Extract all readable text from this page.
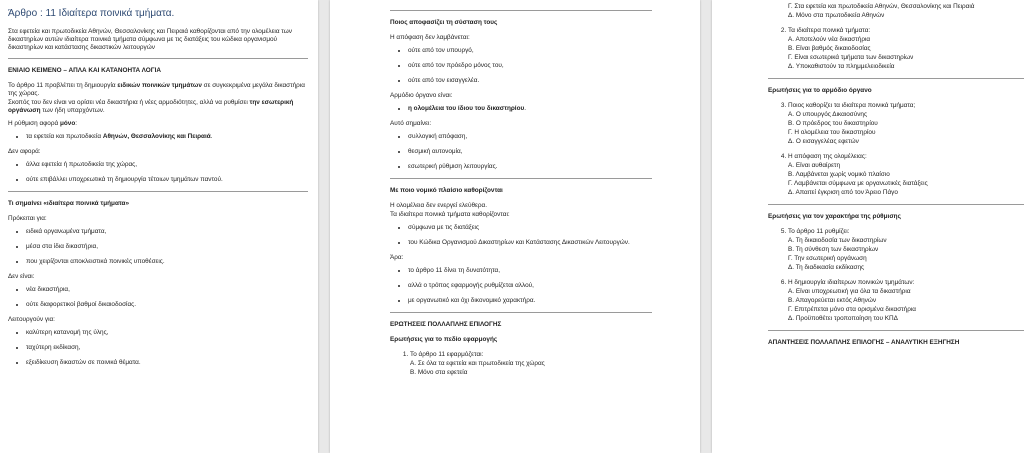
Άρθρο : 11 Ιδιαίτερα ποινικά τμήματα.

Στα εφετεία και πρωτοδικεία Αθηνών, Θεσσαλονίκης και Πειραιά καθορίζονται από την ολομέλεια των δικαστηρίων αυτών ιδιαίτερα ποινικά τμήματα σύμφωνα με τις διατάξεις του κώδικα οργανισμού δικαστηρίων και κατάστασης δικαστικών λειτουργών

ΕΝΙΑΙΟ ΚΕΙΜΕΝΟ – ΑΠΛΑ ΚΑΙ ΚΑΤΑΝΟΗΤΑ ΛΟΓΙΑ

Το άρθρο 11 προβλέπει τη δημιουργία ειδικών ποινικών τμημάτων σε συγκεκριμένα μεγάλα δικαστήρια της χώρας.

Σκοπός του δεν είναι να ορίσει νέα δικαστήρια ή νέες αρμοδιότητες, αλλά να ρυθμίσει την εσωτερική οργάνωση των ήδη υπαρχόντων.

Η ρύθμιση αφορά μόνο:

• τα εφετεία και πρωτοδικεία Αθηνών, Θεσσαλονίκης και Πειραιά.

Δεν αφορά:

• άλλα εφετεία ή πρωτοδικεία της χώρας,
• ούτε επιβάλλει υποχρεωτικά τη δημιουργία τέτοιων τμημάτων παντού.
Τι σημαίνει «ιδιαίτερα ποινικά τμήματα»

Πρόκειται για:

• ειδικά οργανωμένα τμήματα,
• μέσα στα ίδια δικαστήρια,
• που χειρίζονται αποκλειστικά ποινικές υποθέσεις.

Δεν είναι:

• νέα δικαστήρια,
• ούτε διαφορετικοί βαθμοί δικαιοδοσίας.

Λειτουργούν για:

• καλύτερη κατανομή της ύλης,
• ταχύτερη εκδίκαση,
• εξειδίκευση δικαστών σε ποινικά θέματα.
Ποιος αποφασίζει τη σύσταση τους

Η απόφαση δεν λαμβάνεται:

• ούτε από τον υπουργό,
• ούτε από τον πρόεδρο μόνος του,
• ούτε από τον εισαγγελέα.

Αρμόδιο όργανο είναι:

• η ολομέλεια του ίδιου του δικαστηρίου.

Αυτό σημαίνει:

• συλλογική απόφαση,
• θεσμική αυτονομία,
• εσωτερική ρύθμιση λειτουργίας.
Με ποιο νομικό πλαίσιο καθορίζονται

Η ολομέλεια δεν ενεργεί ελεύθερα.

Τα ιδιαίτερα ποινικά τμήματα καθορίζονται:

• σύμφωνα με τις διατάξεις
• του Κώδικα Οργανισμού Δικαστηρίων και Κατάστασης Δικαστικών Λειτουργών.

Άρα:

• το άρθρο 11 δίνει τη δυνατότητα,
• αλλά ο τρόπος εφαρμογής ρυθμίζεται αλλού,
• με οργανωτικό και όχι δικονομικό χαρακτήρα.
ΕΡΩΤΗΣΕΙΣ ΠΟΛΛΑΠΛΗΣ ΕΠΙΛΟΓΗΣ
Ερωτήσεις για το πεδίο εφαρμογής
1. Το άρθρο 11 εφαρμόζεται:
Α. Σε όλα τα εφετεία και πρωτοδικεία της χώρας
Β. Μόνο στα εφετεία
Γ. Στα εφετεία και πρωτοδικεία Αθηνών, Θεσσαλονίκης και Πειραιά
Δ. Μόνο στα πρωτοδικεία Αθηνών
2. Τα ιδιαίτερα ποινικά τμήματα:
Α. Αποτελούν νέα δικαστήρια
Β. Είναι βαθμός δικαιοδοσίας
Γ. Είναι εσωτερικά τμήματα των δικαστηρίων
Δ. Υποκαθιστούν τα πλημμελειοδικεία
Ερωτήσεις για το αρμόδιο όργανο
3. Ποιος καθορίζει τα ιδιαίτερα ποινικά τμήματα;
Α. Ο υπουργός Δικαιοσύνης
Β. Ο πρόεδρος του δικαστηρίου
Γ. Η ολομέλεια του δικαστηρίου
Δ. Ο εισαγγελέας εφετών
4. Η απόφαση της ολομέλειας:
Α. Είναι αυθαίρετη
Β. Λαμβάνεται χωρίς νομικό πλαίσιο
Γ. Λαμβάνεται σύμφωνα με οργανωτικές διατάξεις
Δ. Απαιτεί έγκριση από τον Άρειο Πάγο
Ερωτήσεις για τον χαρακτήρα της ρύθμισης
5. Το άρθρο 11 ρυθμίζει:
Α. Τη δικαιοδοσία των δικαστηρίων
Β. Τη σύνθεση των δικαστηρίων
Γ. Την εσωτερική οργάνωση
Δ. Τη διαδικασία εκδίκασης
6. Η δημιουργία ιδιαίτερων ποινικών τμημάτων:
Α. Είναι υποχρεωτική για όλα τα δικαστήρια
Β. Απαγορεύεται εκτός Αθηνών
Γ. Επιτρέπεται μόνο στα ορισμένα δικαστήρια
Δ. Προϋποθέτει τροποποίηση του ΚΠΔ
ΑΠΑΝΤΗΣΕΙΣ ΠΟΛΛΑΠΛΗΣ ΕΠΙΛΟΓΗΣ – ΑΝΑΛΥΤΙΚΗ ΕΞΗΓΗΣΗ
